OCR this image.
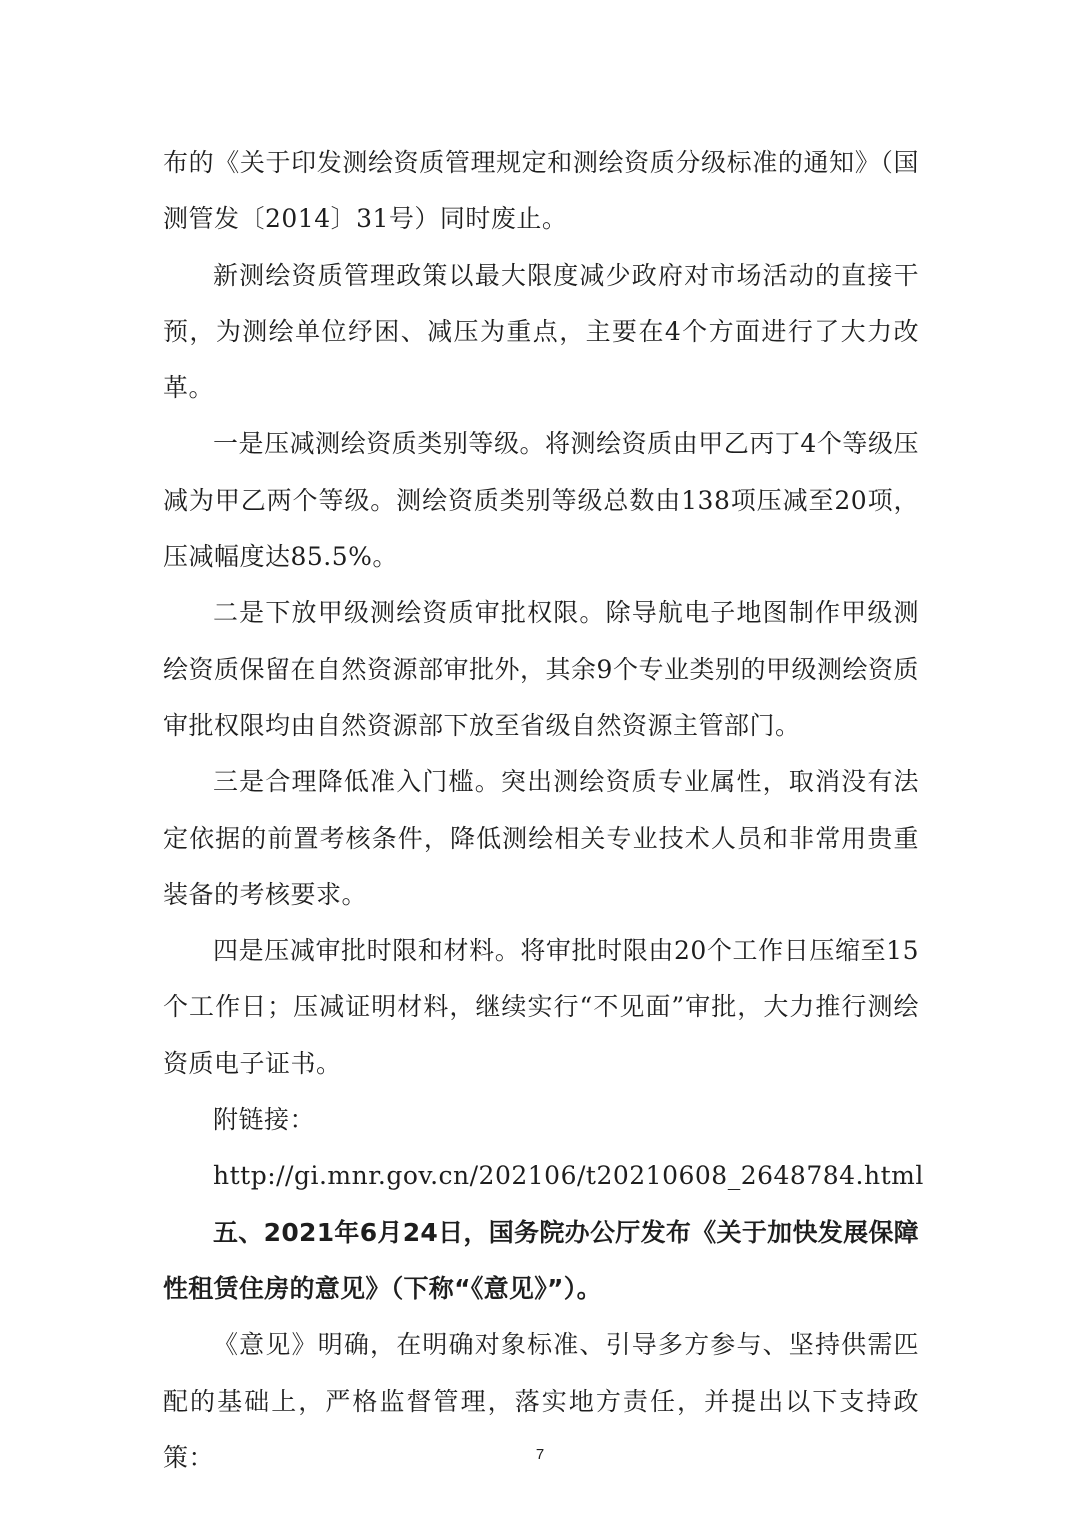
布的《关于印发测绘资质管理规定和测绘资质分级标准的通知》（国测管发〔2014〕31号）同时废止。

新测绘资质管理政策以最大限度减少政府对市场活动的直接干预，为测绘单位纾困、减压为重点，主要在4个方面进行了大力改革。

一是压减测绘资质类别等级。将测绘资质由甲乙丙丁4个等级压减为甲乙两个等级。测绘资质类别等级总数由138项压减至20项，压减幅度达85.5%。

二是下放甲级测绘资质审批权限。除导航电子地图制作甲级测绘资质保留在自然资源部审批外，其余9个专业类别的甲级测绘资质审批权限均由自然资源部下放至省级自然资源主管部门。

三是合理降低准入门槛。突出测绘资质专业属性，取消没有法定依据的前置考核条件，降低测绘相关专业技术人员和非常用贵重装备的考核要求。

四是压减审批时限和材料。将审批时限由20个工作日压缩至15个工作日；压减证明材料，继续实行“不见面”审批，大力推行测绘资质电子证书。

附链接：

http://gi.mnr.gov.cn/202106/t20210608_2648784.html

五、2021年6月24日，国务院办公厅发布《关于加快发展保障性租赁住房的意见》（下称“《意见》”）。

《意见》明确，在明确对象标准、引导多方参与、坚持供需匹配的基础上，严格监督管理，落实地方责任，并提出以下支持政策：	7
